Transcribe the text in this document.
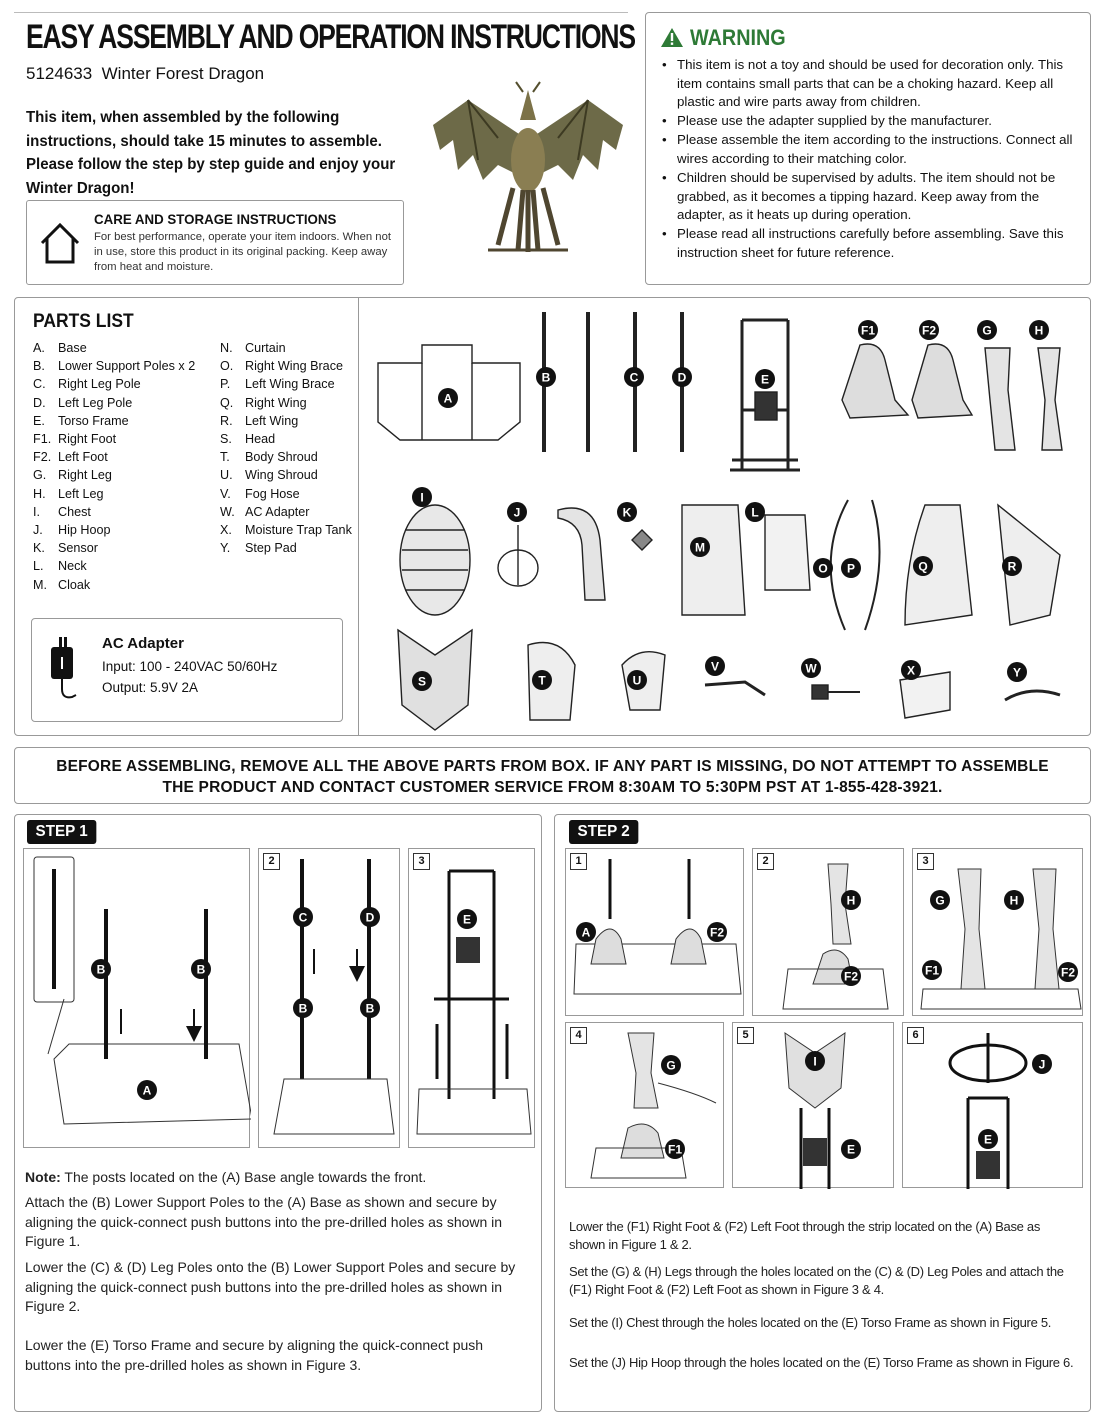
EASY ASSEMBLY AND OPERATION INSTRUCTIONS
5124633 Winter Forest Dragon
This item, when assembled by the following instructions, should take 15 minutes to assemble. Please follow the step by step guide and enjoy your Winter Dragon!
CARE AND STORAGE INSTRUCTIONS

For best performance, operate your item indoors. When not in use, store this product in its original packing. Keep away from heat and moisture.

WARNING
• This item is not a toy and should be used for decoration only. This item contains small parts that can be a choking hazard. Keep all plastic and wire parts away from children.
• Please use the adapter supplied by the manufacturer.
• Please assemble the item according to the instructions. Connect all wires according to their matching color.
• Children should be supervised by adults. The item should not be grabbed, as it becomes a tipping hazard. Keep away from the adapter, as it heats up during operation.
• Please read all instructions carefully before assembling. Save this instruction sheet for future reference.
PARTS LIST
A.	Base
B.	Lower Support Poles x 2
C. Right Leg Pole
D. Left Leg Pole
E.	Torso Frame
F1. Right Foot
F2. Left Foot
G. Right Leg
H. Left Leg
I.	Chest
J.	Hip Hoop
K.	Sensor
L.	Neck
M. Cloak
N. Curtain
O. Right Wing Brace
P.	Left Wing Brace
Q. Right Wing
R. Left Wing
S.	Head
T.	Body Shroud
U. Wing Shroud
V.	Fog Hose
W. AC Adapter
X.	Moisture Trap Tank
Y.	Step Pad
AC Adapter
Input: 100 - 240VAC 50/60Hz
Output: 5.9V 2A
A
B	C	D	E
F1	F2	G	H
I
J	K	L
M
O P	Q	R
S	T	U
V	W	X	Y
BEFORE ASSEMBLING, REMOVE ALL THE ABOVE PARTS FROM BOX. IF ANY PART IS MISSING, DO NOT ATTEMPT TO ASSEMBLE
THE PRODUCT AND CONTACT CUSTOMER SERVICE FROM 8:30AM TO 5:30PM PST AT 1-855-428-3921.
STEP 1
2	3
B	B
A
C	D
B	B
E
Note: The posts located on the (A) Base angle towards the front.
Attach the (B) Lower Support Poles to the (A) Base as shown and secure by aligning the quick-connect push buttons into the pre-drilled holes as shown in Figure 1.
Lower the (C) & (D) Leg Poles onto the (B) Lower Support Poles and secure by aligning the quick-connect push buttons into the pre-drilled holes as shown in Figure 2.
Lower the (E) Torso Frame and secure by aligning the quick-connect push buttons into the pre-drilled holes as shown in Figure 3.
STEP 2
1	2	3
4	5	6
A	F2
H
F2
G	H
F1	F2
G
F1
I
E
J
E
Lower the (F1) Right Foot & (F2) Left Foot through the strip located on the (A) Base as shown in Figure 1 & 2.
Set the (G) & (H) Legs through the holes located on the (C) & (D) Leg Poles and attach the (F1) Right Foot & (F2) Left Foot as shown in Figure 3 & 4.
Set the (I) Chest through the holes located on the (E) Torso Frame as shown in Figure 5.
Set the (J) Hip Hoop through the holes located on the (E) Torso Frame as shown in Figure 6.
